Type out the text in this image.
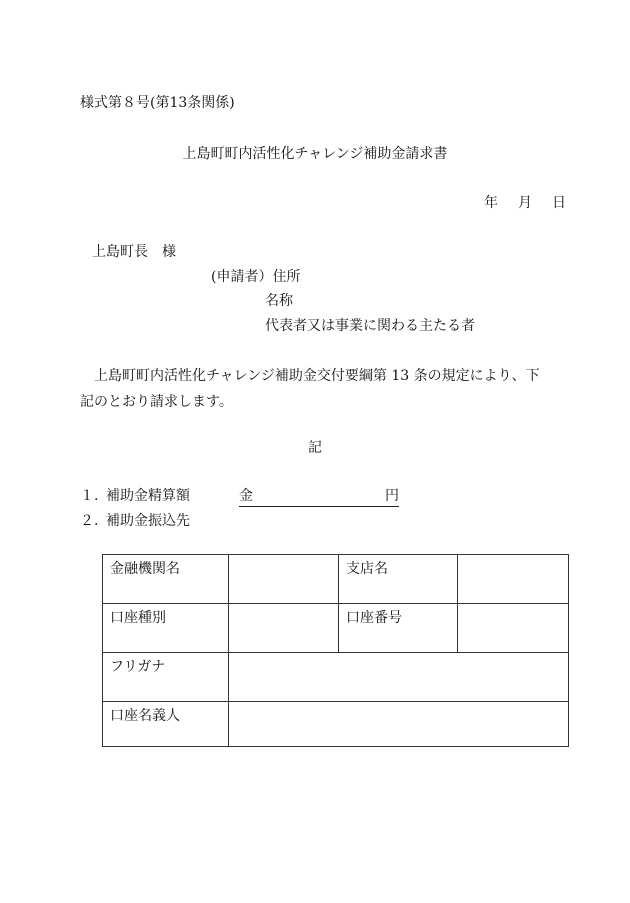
様式第８号(第13条関係)
上島町町内活性化チャレンジ補助金請求書
年 月 日
上島町長　様
(申請者）住所
名称
代表者又は事業に関わる主たる者
上島町町内活性化チャレンジ補助金交付要綱第 13 条の規定により、下記のとおり請求します。
記
１. 補助金精算額	金	円
２. 補助金振込先
金融機関名		支店名	
口座種別		口座番号	
フリガナ			
口座名義人			
